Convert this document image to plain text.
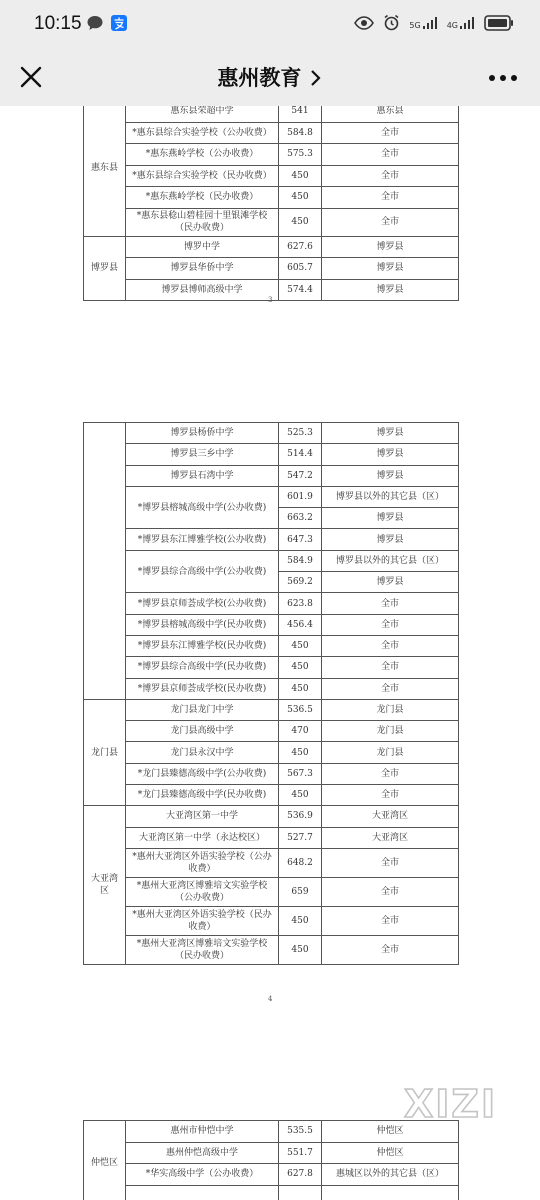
10:15	5G	4G
惠州教育
惠东县	惠东县荣超中学	541	惠东县
	*惠东县综合实验学校（公办收费）	584.8	全市
	*惠东燕岭学校（公办收费）	575.3	全市
	*惠东县综合实验学校（民办收费）	450	全市
	*惠东燕岭学校（民办收费）	450	全市
	*惠东县稔山碧桂园十里银滩学校（民办收费）	450	全市
博罗县	博罗中学	627.6	博罗县
	博罗县华侨中学	605.7	博罗县
	博罗县博师高级中学	574.4	博罗县
3
	博罗县杨侨中学	525.3	博罗县
	博罗县三乡中学	514.4	博罗县
	博罗县石湾中学	547.2	博罗县
	*博罗县榕城高级中学(公办收费)	601.9	博罗县以外的其它县（区）
		663.2	博罗县
	*博罗县东江博雅学校(公办收费)	647.3	博罗县
	*博罗县综合高级中学(公办收费)	584.9	博罗县以外的其它县（区）
		569.2	博罗县
	*博罗县京师荟成学校(公办收费)	623.8	全市
	*博罗县榕城高级中学(民办收费)	456.4	全市
	*博罗县东江博雅学校(民办收费)	450	全市
	*博罗县综合高级中学(民办收费)	450	全市
	*博罗县京师荟成学校(民办收费)	450	全市
龙门县	龙门县龙门中学	536.5	龙门县
	龙门县高级中学	470	龙门县
	龙门县永汉中学	450	龙门县
	*龙门县臻德高级中学(公办收费)	567.3	全市
	*龙门县臻德高级中学(民办收费)	450	全市
大亚湾
区	大亚湾区第一中学	536.9	大亚湾区
	大亚湾区第一中学（永达校区）	527.7	大亚湾区
	*惠州大亚湾区外语实验学校（公办收费）	648.2	全市
	*惠州大亚湾区博雅培文实验学校（公办收费）	659	全市
	*惠州大亚湾区外语实验学校（民办收费）	450	全市
	*惠州大亚湾区博雅培文实验学校（民办收费）	450	全市
4
仲恺区	惠州市仲恺中学	535.5	仲恺区
	惠州仲恺高级中学	551.7	仲恺区
	*华实高级中学（公办收费）	627.8	惠城区以外的其它县（区）

XIZI
